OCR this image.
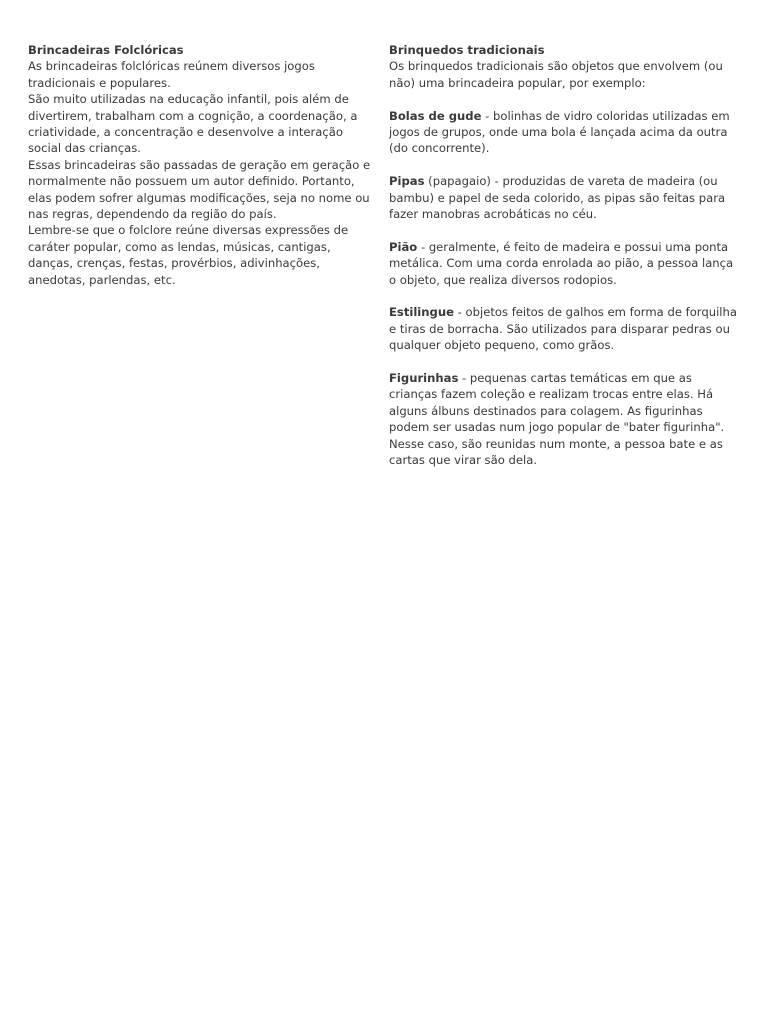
Brincadeiras Folclóricas

As brincadeiras folclóricas reúnem diversos jogos tradicionais e populares.

São muito utilizadas na educação infantil, pois além de divertirem, trabalham com a cognição, a coordenação, a criatividade, a concentração e desenvolve a interação social das crianças.

Essas brincadeiras são passadas de geração em geração e normalmente não possuem um autor definido. Portanto, elas podem sofrer algumas modificações, seja no nome ou nas regras, dependendo da região do país.

Lembre-se que o folclore reúne diversas expressões de caráter popular, como as lendas, músicas, cantigas, danças, crenças, festas, provérbios, adivinhações, anedotas, parlendas, etc.

Brinquedos tradicionais

Os brinquedos tradicionais são objetos que envolvem (ou não) uma brincadeira popular, por exemplo:

Bolas de gude - bolinhas de vidro coloridas utilizadas em jogos de grupos, onde uma bola é lançada acima da outra (do concorrente).

Pipas (papagaio) - produzidas de vareta de madeira (ou bambu) e papel de seda colorido, as pipas são feitas para fazer manobras acrobáticas no céu.

Pião - geralmente, é feito de madeira e possui uma ponta metálica. Com uma corda enrolada ao pião, a pessoa lança o objeto, que realiza diversos rodopios.

Estilingue - objetos feitos de galhos em forma de forquilha e tiras de borracha. São utilizados para disparar pedras ou qualquer objeto pequeno, como grãos.

Figurinhas - pequenas cartas temáticas em que as crianças fazem coleção e realizam trocas entre elas. Há alguns álbuns destinados para colagem. As figurinhas podem ser usadas num jogo popular de "bater figurinha". Nesse caso, são reunidas num monte, a pessoa bate e as cartas que virar são dela.
